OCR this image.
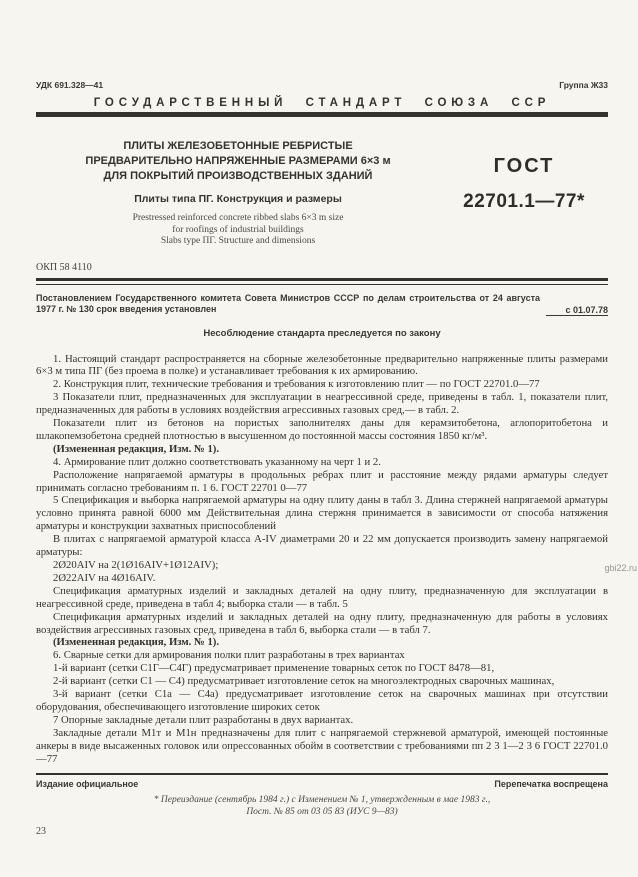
УДК 691.328—41	Группа Ж33
ГОСУДАРСТВЕННЫЙ СТАНДАРТ СОЮЗА ССР
ПЛИТЫ ЖЕЛЕЗОБЕТОННЫЕ РЕБРИСТЫЕ
ПРЕДВАРИТЕЛЬНО НАПРЯЖЕННЫЕ РАЗМЕРАМИ 6×3 м
ДЛЯ ПОКРЫТИЙ ПРОИЗВОДСТВЕННЫХ ЗДАНИЙ
Плиты типа ПГ. Конструкция и размеры
Prestressed reinforced concrete ribbed slabs 6×3 m size
for roofings of industrial buildings
Slabs type ПГ. Structure and dimensions
ГОСТ
22701.1—77*
ОКП 58 4110
Постановлением Государственного комитета Совета Министров СССР по делам строительства от 24 августа 1977 г. № 130 срок введения установлен	с 01.07.78
Несоблюдение стандарта преследуется по закону

1. Настоящий стандарт распространяется на сборные железобетонные предварительно напряженные плиты размерами 6×3 м типа ПГ (без проема в полке) и устанавливает требования к их армированию.

2. Конструкция плит, технические требования и требования к изготовлению плит — по ГОСТ 22701.0—77

3 Показатели плит, предназначенных для эксплуатации в неагрессивной среде, приведены в табл. 1, показатели плит, предназначенных для работы в условиях воздействия агрессивных газовых сред,— в табл. 2.

Показатели плит из бетонов на пористых заполнителях даны для керамзитобетона, аглопоритобетона и шлакопемзобетона средней плотностью в высушенном до постоянной массы состояния 1850 кг/м³.

(Измененная редакция, Изм. № 1).

4. Армирование плит должно соответствовать указанному на черт 1 и 2.

Расположение напрягаемой арматуры в продольных ребрах плит и расстояние между рядами арматуры следует принимать согласно требованиям п. 1 6. ГОСТ 22701 0—77

5 Спецификация и выборка напрягаемой арматуры на одну плиту даны в табл 3. Длина стержней напрягаемой арматуры условно принята равной 6000 мм Действительная длина стержня принимается в зависимости от способа натяжения арматуры и конструкции захватных приспособлений

В плитах с напрягаемой арматурой класса A-IV диаметрами 20 и 22 мм допускается производить замену напрягаемой арматуры:

2Ø20AIV на 2(1Ø16AIV+1Ø12AIV);

2Ø22AIV на 4Ø16AIV.

Спецификация арматурных изделий и закладных деталей на одну плиту, предназначенную для эксплуатации в неагрессивной среде, приведена в табл 4; выборка стали — в табл. 5

Спецификация арматурных изделий и закладных деталей на одну плиту, предназначенную для работы в условиях воздействия агрессивных газовых сред, приведена в табл 6, выборка стали — в табл 7.

(Измененная редакция, Изм. № 1).

6. Сварные сетки для армирования полки плит разработаны в трех вариантах

1-й вариант (сетки С1Г—С4Г) предусматривает применение товарных сеток по ГОСТ 8478—81,

2-й вариант (сетки С1 — С4) предусматривает изготовление сеток на многоэлектродных сварочных машинах,

3-й вариант (сетки С1а — С4а) предусматривает изготовление сеток на сварочных машинах при отсутствии оборудования, обеспечивающего изготовление широких сеток

7 Опорные закладные детали плит разработаны в двух вариантах.

Закладные детали М1т и М1н предназначены для плит с напрягаемой стержневой арматурой, имеющей постоянные анкеры в виде высаженных головок или опрессованных обойм в соответствии с требованиями пп 2 3 1—2 3 6 ГОСТ 22701.0—77

Издание официальное	Перепечатка воспрещена
* Переиздание (сентябрь 1984 г.) с Изменением № 1, утвержденным в мае 1983 г.,
Пост. № 85 от 03 05 83 (ИУС 9—83)
23
gbi22.ru
